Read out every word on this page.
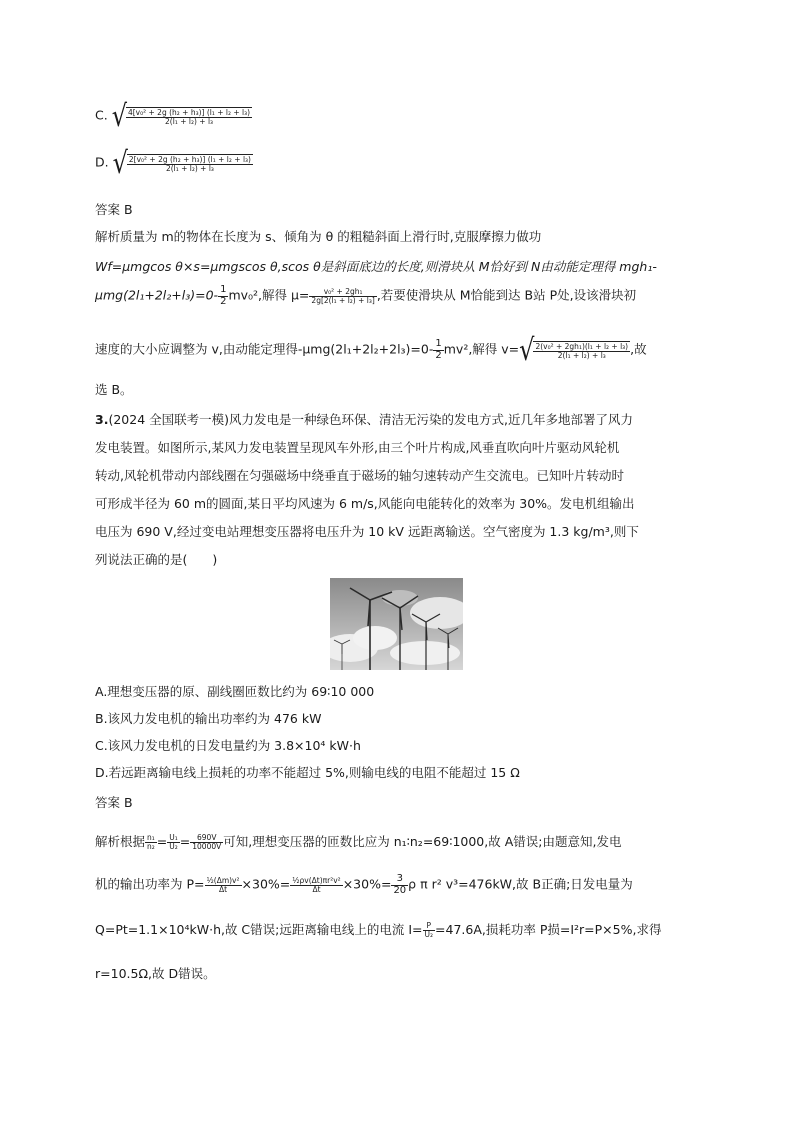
C. √ $\frac{\text{4[v₀² + 2g (h₂ + h₃)] (l₁ + l₂ + l₃)}}{\text{2(l₁ + l₂) + l₃}}$
D. √ $\frac{\text{2[v₀² + 2g (h₂ + h₃)] (l₁ + l₂ + l₃)}}{\text{2(l₁ + l₂) + l₃}}$
答案 B
解析质量为 m的物体在长度为 s、倾角为 θ 的粗糙斜面上滑行时,克服摩擦力做功
Wf=μmgcos θ×s=μmgscos θ,scos θ是斜面底边的长度,则滑块从 M恰好到 N由动能定理得 mgh₁-
$\mu mg(2l_1+2l_2+l_3)=0- \frac{1}{2} mv_0^2$,解得 $\mu= \frac{\text{v₀² + 2gh₁}}{\text{2g[2(l₁ + l₂) + l₃]}}$ ,若要使滑块从 M恰能到达 B站 P处,设该滑块初
速度的大小应调整为 v,由动能定理得$-\mu mg(2l_1+2l_2+2l_3)=0- \frac{1}{2} mv^2$,解得 $v=√ \frac{\text{2(v₀² + 2gh₁)(l₁ + l₂ + l₃)}}{\text{2(l₁ + l₂) + l₃}}$ ,故
选 B。
3.(2024 全国联考一模)风力发电是一种绿色环保、清洁无污染的发电方式,近几年多地部署了风力
发电装置。如图所示,某风力发电装置呈现风车外形,由三个叶片构成,风垂直吹向叶片驱动风轮机
转动,风轮机带动内部线圈在匀强磁场中绕垂直于磁场的轴匀速转动产生交流电。已知叶片转动时
可形成半径为 60 m的圆面,某日平均风速为 6 m/s,风能向电能转化的效率为 30%。发电机组输出
电压为 690 V,经过变电站理想变压器将电压升为 10 kV 远距离输送。空气密度为 1.3 kg/m³,则下
列说法正确的是(　　)
A.理想变压器的原、副线圈匝数比约为 69∶10 000
B.该风力发电机的输出功率约为 476 kW
C.该风力发电机的日发电量约为 3.8×10⁴ kW·h
D.若远距离输电线上损耗的功率不能超过 5%,则输电线的电阻不能超过 15 Ω
答案 B
解析根据 $\frac{\text{n₁}}{\text{n₂}} = \frac{\text{U₁}}{\text{U₂}} = \frac{690V}{10000V}$ 可知,理想变压器的匝数比应为 n₁∶n₂=69∶1000,故 A错误;由题意知,发电
机的输出功率为 $P= \frac{\text{½(Δm)v²}}{\Delta t} \times 30\%= \frac{\text{½ρv(Δt)πr²v²}}{\Delta t} \times 30\%= \frac{3}{20}$ ρ π r² v³=476kW,故 B正确;日发电量为
Q=Pt=1.1×10⁴kW·h,故 C错误;远距离输电线上的电流 $I= \frac{P}{\text{U₂}} =47.6A$,损耗功率 P损=I²r=P×5%,求得
r=10.5Ω,故 D错误。
